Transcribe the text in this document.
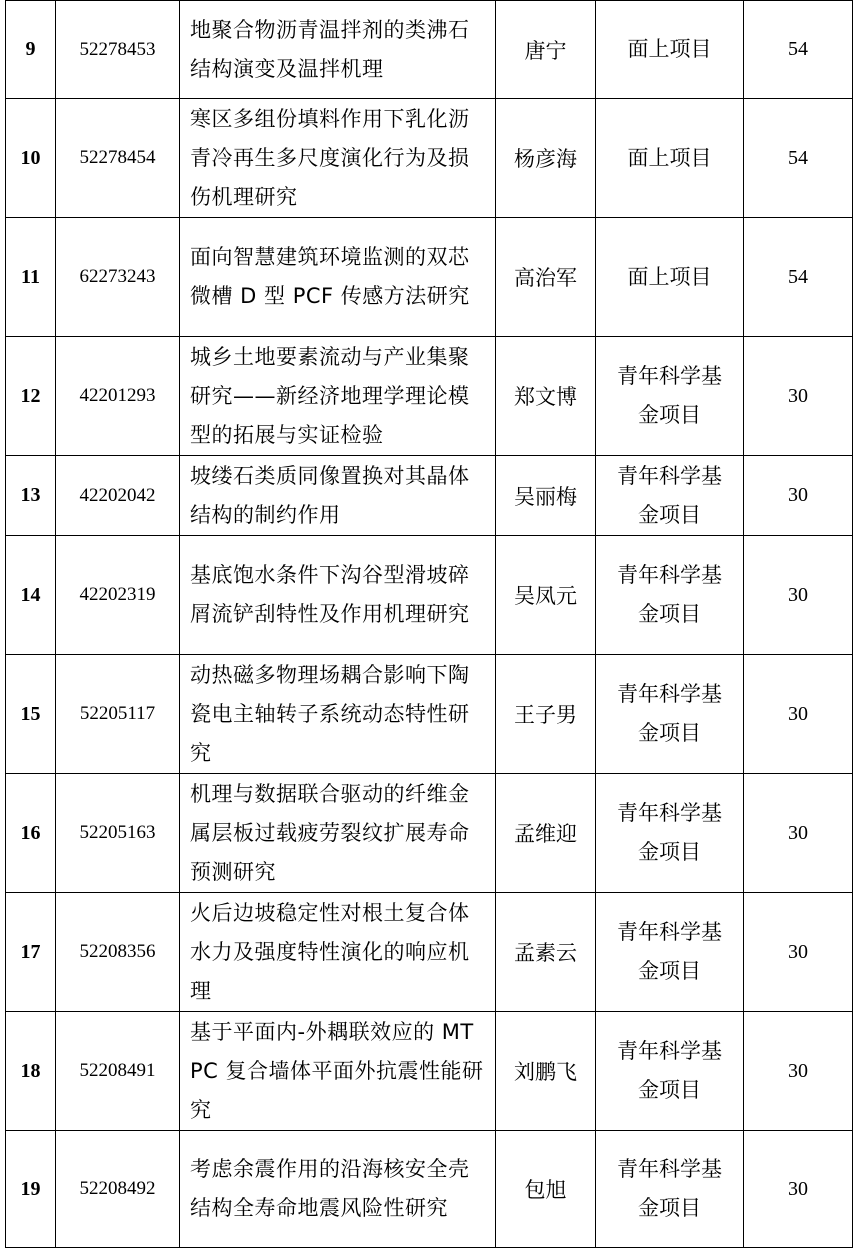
9	52278453	地聚合物沥青温拌剂的类沸石结构演变及温拌机理	唐宁	面上项目	54
10	52278454	寒区多组份填料作用下乳化沥青冷再生多尺度演化行为及损伤机理研究	杨彦海	面上项目	54
11	62273243	面向智慧建筑环境监测的双芯微槽 D 型 PCF 传感方法研究	高治军	面上项目	54
12	42201293	城乡土地要素流动与产业集聚研究——新经济地理学理论模型的拓展与实证检验	郑文博	青年科学基金项目	30
13	42202042	坡缕石类质同像置换对其晶体结构的制约作用	吴丽梅	青年科学基金项目	30
14	42202319	基底饱水条件下沟谷型滑坡碎屑流铲刮特性及作用机理研究	吴凤元	青年科学基金项目	30
15	52205117	动热磁多物理场耦合影响下陶瓷电主轴转子系统动态特性研究	王子男	青年科学基金项目	30
16	52205163	机理与数据联合驱动的纤维金属层板过载疲劳裂纹扩展寿命预测研究	孟维迎	青年科学基金项目	30
17	52208356	火后边坡稳定性对根土复合体水力及强度特性演化的响应机理	孟素云	青年科学基金项目	30
18	52208491	基于平面内-外耦联效应的 MTPC 复合墙体平面外抗震性能研究	刘鹏飞	青年科学基金项目	30
19	52208492	考虑余震作用的沿海核安全壳结构全寿命地震风险性研究	包旭	青年科学基金项目	30
